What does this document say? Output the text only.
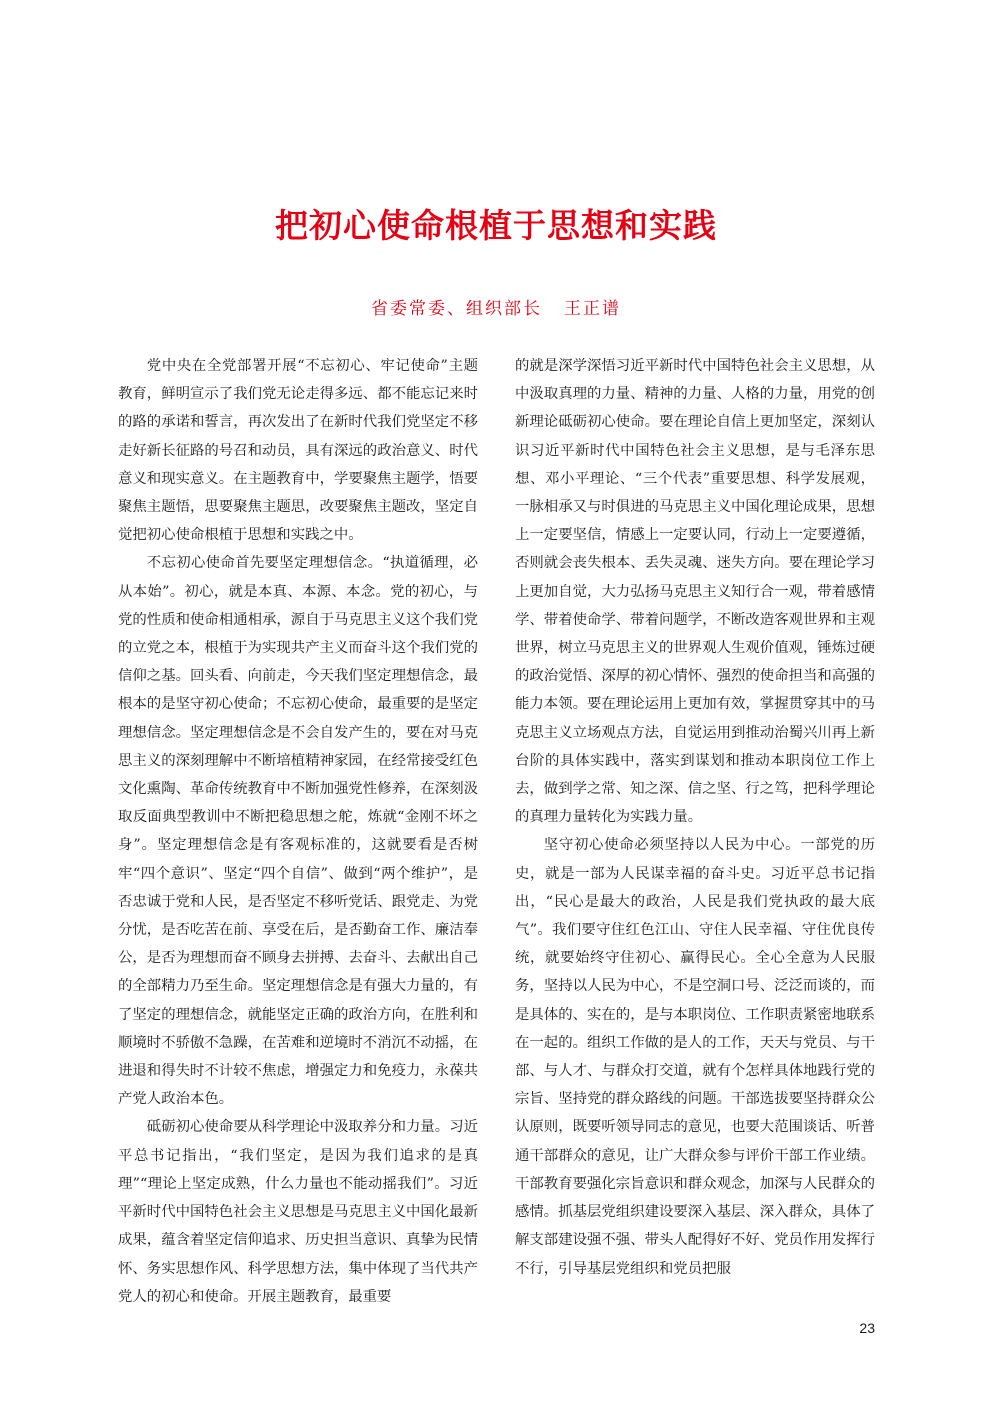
把初心使命根植于思想和实践
省委常委、组织部长 王正谱

党中央在全党部署开展“不忘初心、牢记使命”主题教育，鲜明宣示了我们党无论走得多远、都不能忘记来时的路的承诺和誓言，再次发出了在新时代我们党坚定不移走好新长征路的号召和动员，具有深远的政治意义、时代意义和现实意义。在主题教育中，学要聚焦主题学，悟要聚焦主题悟，思要聚焦主题思，改要聚焦主题改，坚定自觉把初心使命根植于思想和实践之中。

不忘初心使命首先要坚定理想信念。“执道循理，必从本始”。初心，就是本真、本源、本念。党的初心，与党的性质和使命相通相承，源自于马克思主义这个我们党的立党之本，根植于为实现共产主义而奋斗这个我们党的信仰之基。回头看、向前走，今天我们坚定理想信念，最根本的是坚守初心使命；不忘初心使命，最重要的是坚定理想信念。坚定理想信念是不会自发产生的，要在对马克思主义的深刻理解中不断培植精神家园，在经常接受红色文化熏陶、革命传统教育中不断加强党性修养，在深刻汲取反面典型教训中不断把稳思想之舵，炼就“金刚不坏之身”。坚定理想信念是有客观标准的，这就要看是否树牢“四个意识”、坚定“四个自信”、做到“两个维护”，是否忠诚于党和人民，是否坚定不移听党话、跟党走、为党分忧，是否吃苦在前、享受在后，是否勤奋工作、廉洁奉公，是否为理想而奋不顾身去拼搏、去奋斗、去献出自己的全部精力乃至生命。坚定理想信念是有强大力量的，有了坚定的理想信念，就能坚定正确的政治方向，在胜利和顺境时不骄傲不急躁，在苦难和逆境时不消沉不动摇，在进退和得失时不计较不焦虑，增强定力和免疫力，永葆共产党人政治本色。

砥砺初心使命要从科学理论中汲取养分和力量。习近平总书记指出，“我们坚定，是因为我们追求的是真理”“理论上坚定成熟，什么力量也不能动摇我们”。习近平新时代中国特色社会主义思想是马克思主义中国化最新成果，蕴含着坚定信仰追求、历史担当意识、真挚为民情怀、务实思想作风、科学思想方法，集中体现了当代共产党人的初心和使命。开展主题教育，最重要

的就是深学深悟习近平新时代中国特色社会主义思想，从中汲取真理的力量、精神的力量、人格的力量，用党的创新理论砥砺初心使命。要在理论自信上更加坚定，深刻认识习近平新时代中国特色社会主义思想，是与毛泽东思想、邓小平理论、“三个代表”重要思想、科学发展观，一脉相承又与时俱进的马克思主义中国化理论成果，思想上一定要坚信，情感上一定要认同，行动上一定要遵循，否则就会丧失根本、丢失灵魂、迷失方向。要在理论学习上更加自觉，大力弘扬马克思主义知行合一观，带着感情学、带着使命学、带着问题学，不断改造客观世界和主观世界，树立马克思主义的世界观人生观价值观，锤炼过硬的政治觉悟、深厚的初心情怀、强烈的使命担当和高强的能力本领。要在理论运用上更加有效，掌握贯穿其中的马克思主义立场观点方法，自觉运用到推动治蜀兴川再上新台阶的具体实践中，落实到谋划和推动本职岗位工作上去，做到学之常、知之深、信之坚、行之笃，把科学理论的真理力量转化为实践力量。

坚守初心使命必须坚持以人民为中心。一部党的历史，就是一部为人民谋幸福的奋斗史。习近平总书记指出，“民心是最大的政治，人民是我们党执政的最大底气”。我们要守住红色江山、守住人民幸福、守住优良传统，就要始终守住初心、赢得民心。全心全意为人民服务，坚持以人民为中心，不是空洞口号、泛泛而谈的，而是具体的、实在的，是与本职岗位、工作职责紧密地联系在一起的。组织工作做的是人的工作，天天与党员、与干部、与人才、与群众打交道，就有个怎样具体地践行党的宗旨、坚持党的群众路线的问题。干部选拔要坚持群众公认原则，既要听领导同志的意见，也要大范围谈话、听普通干部群众的意见，让广大群众参与评价干部工作业绩。干部教育要强化宗旨意识和群众观念，加深与人民群众的感情。抓基层党组织建设要深入基层、深入群众，具体了解支部建设强不强、带头人配得好不好、党员作用发挥行不行，引导基层党组织和党员把服

23
